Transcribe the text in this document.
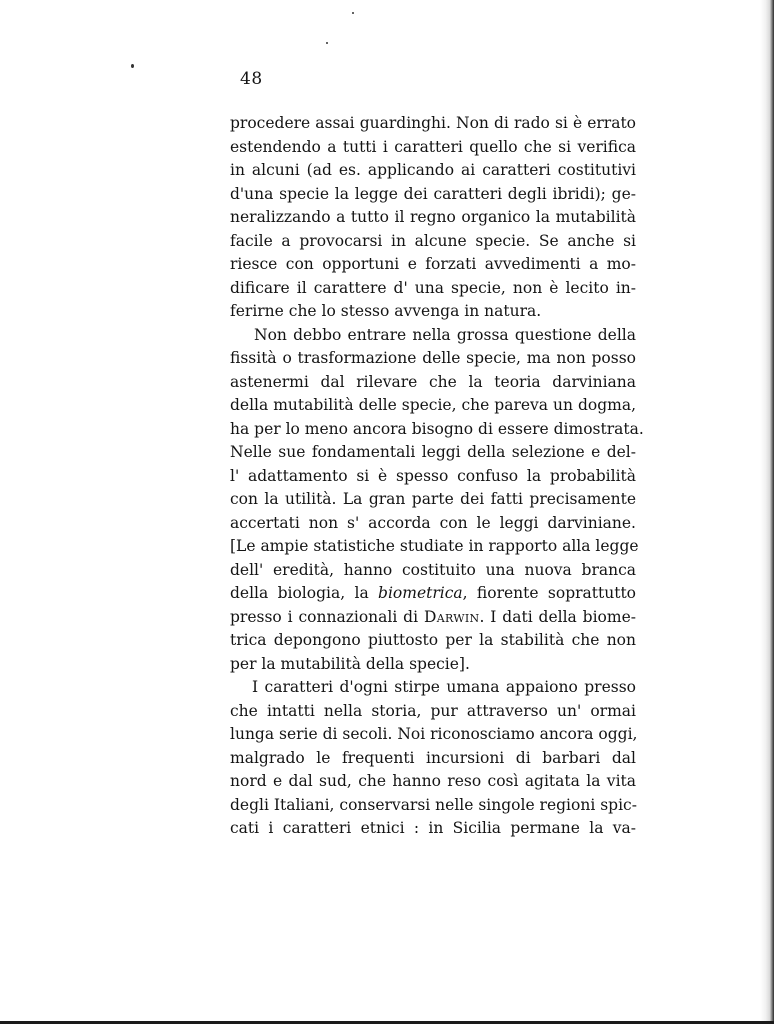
48
procedere assai guardinghi. Non di rado si è errato
estendendo a tutti i caratteri quello che si verifica
in alcuni (ad es. applicando ai caratteri costitutivi
d'una specie la legge dei caratteri degli ibridi); ge-
neralizzando a tutto il regno organico la mutabilità
facile a provocarsi in alcune specie. Se anche si
riesce con opportuni e forzati avvedimenti a mo-
dificare il carattere d' una specie, non è lecito in-
ferirne che lo stesso avvenga in natura.
Non debbo entrare nella grossa questione della
fissità o trasformazione delle specie, ma non posso
astenermi dal rilevare che la teoria darviniana
della mutabilità delle specie, che pareva un dogma,
ha per lo meno ancora bisogno di essere dimostrata.
Nelle sue fondamentali leggi della selezione e del-
l' adattamento si è spesso confuso la probabilità
con la utilità. La gran parte dei fatti precisamente
accertati non s' accorda con le leggi darviniane.
[Le ampie statistiche studiate in rapporto alla legge
dell' eredità, hanno costituito una nuova branca
della biologia, la biometrica, fiorente soprattutto
presso i connazionali di Darwin. I dati della biome-
trica depongono piuttosto per la stabilità che non
per la mutabilità della specie].
I caratteri d'ogni stirpe umana appaiono presso
che intatti nella storia, pur attraverso un' ormai
lunga serie di secoli. Noi riconosciamo ancora oggi,
malgrado le frequenti incursioni di barbari dal
nord e dal sud, che hanno reso così agitata la vita
degli Italiani, conservarsi nelle singole regioni spic-
cati i caratteri etnici : in Sicilia permane la va-
